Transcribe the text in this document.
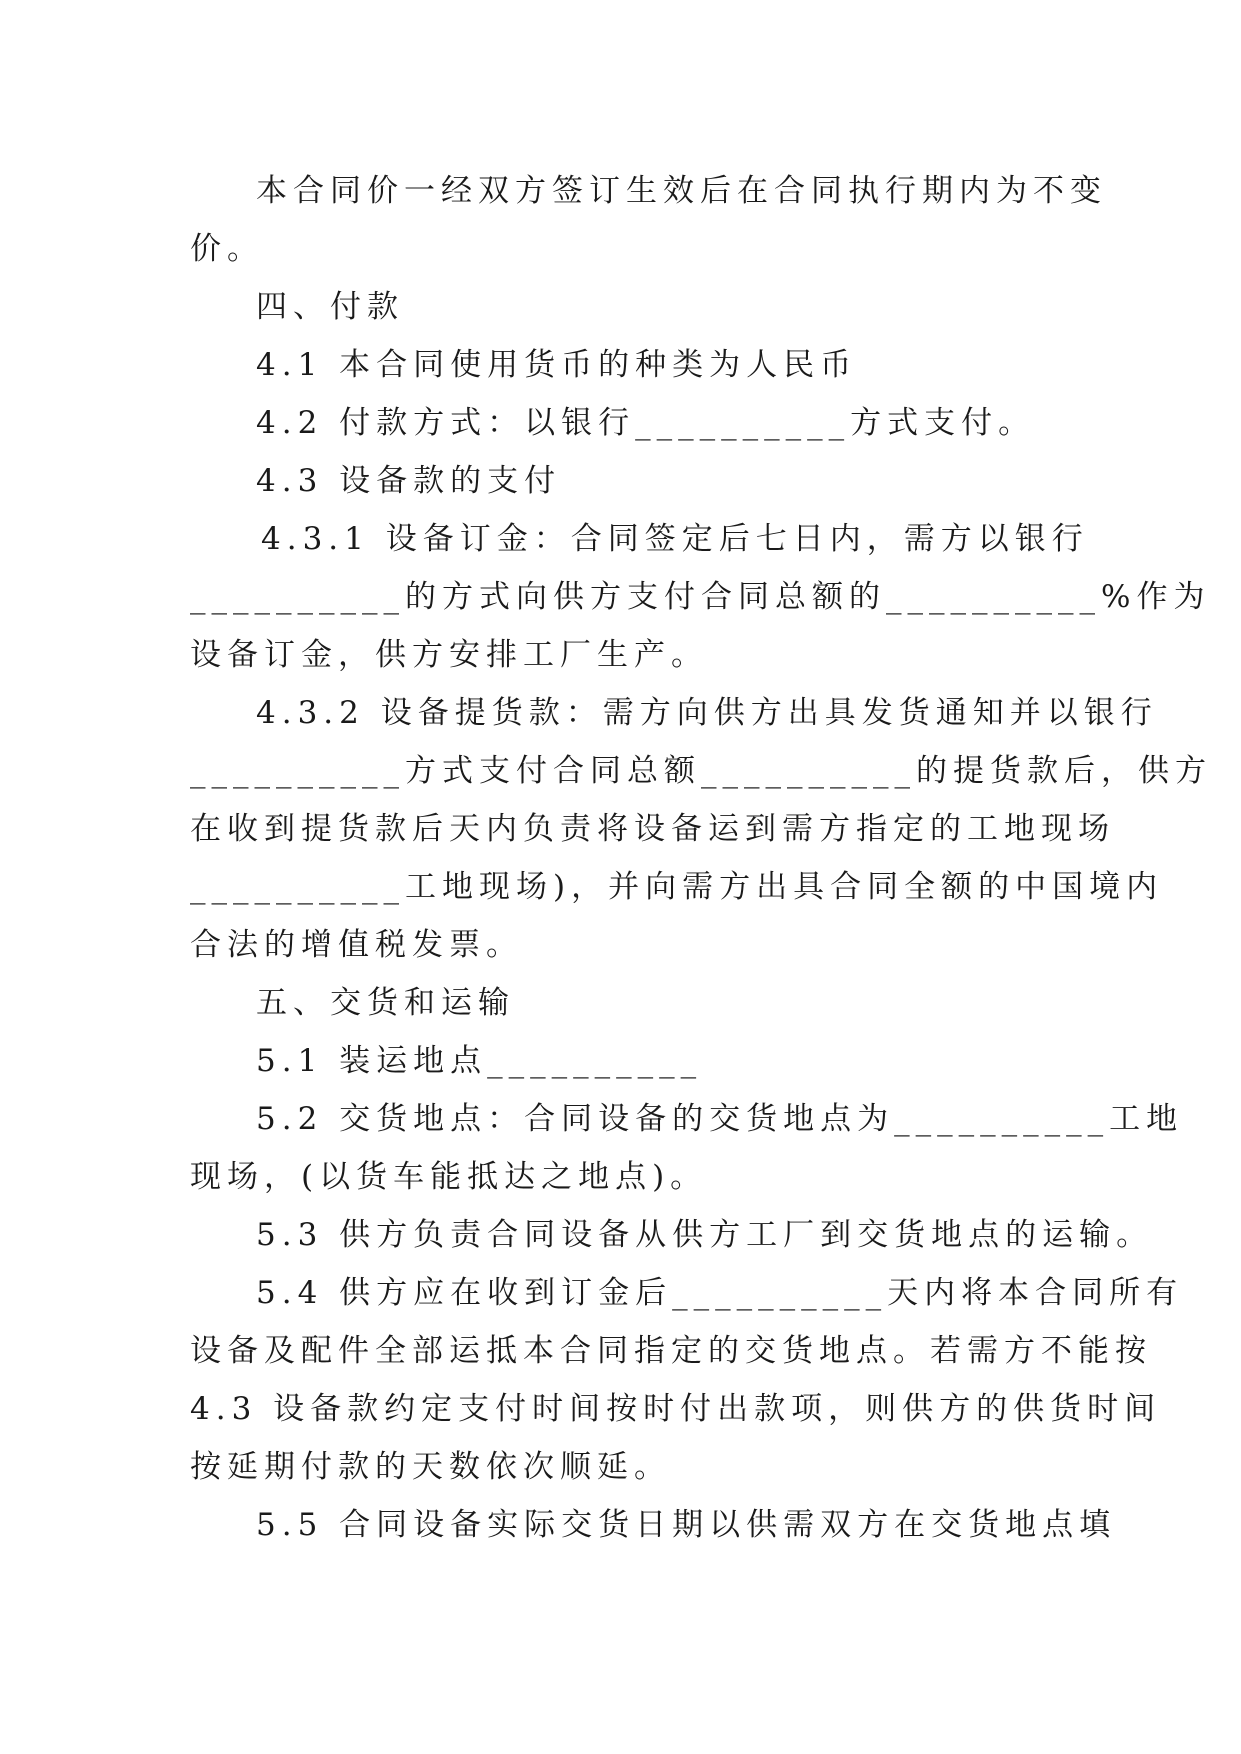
本合同价一经双方签订生效后在合同执行期内为不变
价。
四、付款
4.1 本合同使用货币的种类为人民币
4.2 付款方式：以银行__________方式支付。
4.3 设备款的支付
4.3.1 设备订金：合同签定后七日内，需方以银行
__________的方式向供方支付合同总额的__________%作为
设备订金，供方安排工厂生产。
4.3.2 设备提货款：需方向供方出具发货通知并以银行
__________方式支付合同总额__________的提货款后，供方
在收到提货款后天内负责将设备运到需方指定的工地现场
__________工地现场)，并向需方出具合同全额的中国境内
合法的增值税发票。
五、交货和运输
5.1 装运地点__________
5.2 交货地点：合同设备的交货地点为__________工地
现场，(以货车能抵达之地点)。
5.3 供方负责合同设备从供方工厂到交货地点的运输。
5.4 供方应在收到订金后__________天内将本合同所有
设备及配件全部运抵本合同指定的交货地点。若需方不能按
4.3 设备款约定支付时间按时付出款项，则供方的供货时间
按延期付款的天数依次顺延。
5.5 合同设备实际交货日期以供需双方在交货地点填
